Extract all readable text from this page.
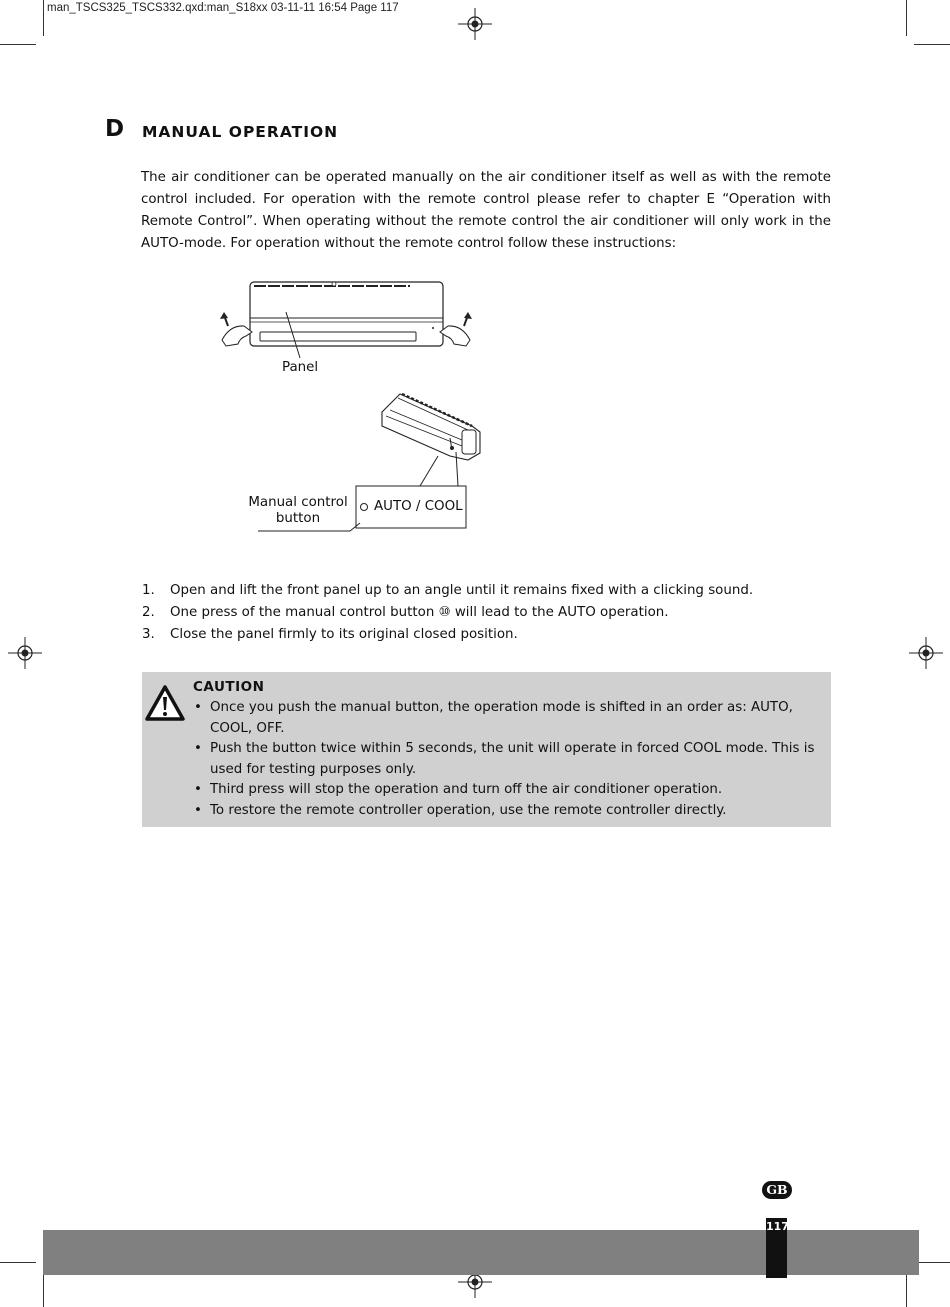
man_TSCS325_TSCS332.qxd:man_S18xx 03-11-11 16:54 Page 117
D MANUAL OPERATION
The air conditioner can be operated manually on the air conditioner itself as well as with the remote control included. For operation with the remote control please refer to chapter E “Operation with Remote Control”. When operating without the remote control the air conditioner will only work in the AUTO-mode. For operation without the remote control follow these instructions:
Panel
Manual control
button
AUTO / COOL
1. Open and lift the front panel up to an angle until it remains fixed with a clicking sound.
2. One press of the manual control button ⑩ will lead to the AUTO operation.
3. Close the panel firmly to its original closed position.
CAUTION
• Once you push the manual button, the operation mode is shifted in an order as: AUTO, COOL, OFF.
• Push the button twice within 5 seconds, the unit will operate in forced COOL mode. This is used for testing purposes only.
• Third press will stop the operation and turn off the air conditioner operation.
• To restore the remote controller operation, use the remote controller directly.
GB
117
